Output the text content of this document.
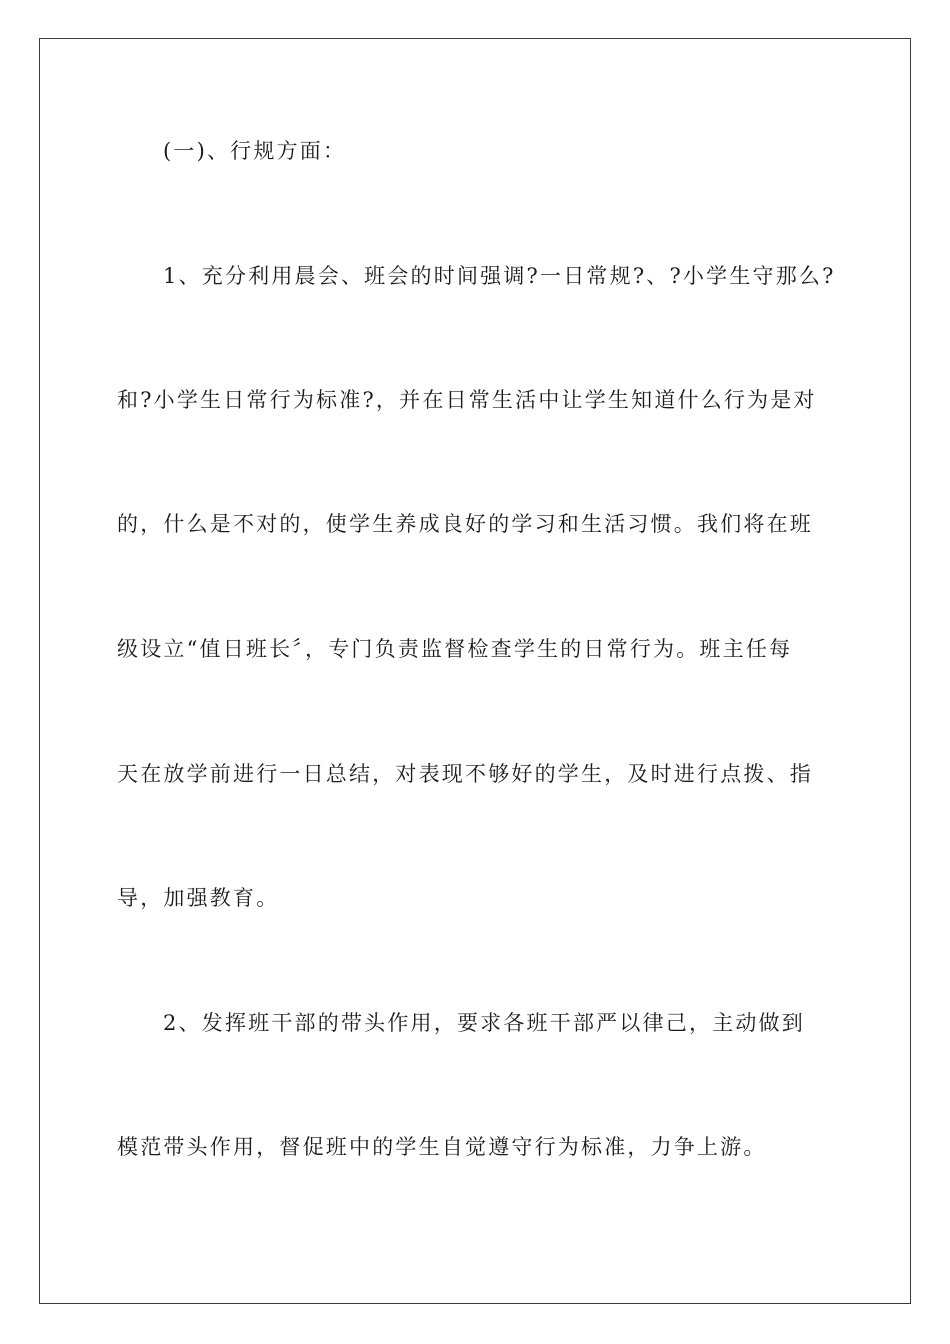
(一)、行规方面：
1、充分利用晨会、班会的时间强调?一日常规?、?小学生守那么?
和?小学生日常行为标准?，并在日常生活中让学生知道什么行为是对
的，什么是不对的，使学生养成良好的学习和生活习惯。我们将在班
级设立“值日班长〞，专门负责监督检查学生的日常行为。班主任每
天在放学前进行一日总结，对表现不够好的学生，及时进行点拨、指
导，加强教育。
2、发挥班干部的带头作用，要求各班干部严以律己，主动做到
模范带头作用，督促班中的学生自觉遵守行为标准，力争上游。
